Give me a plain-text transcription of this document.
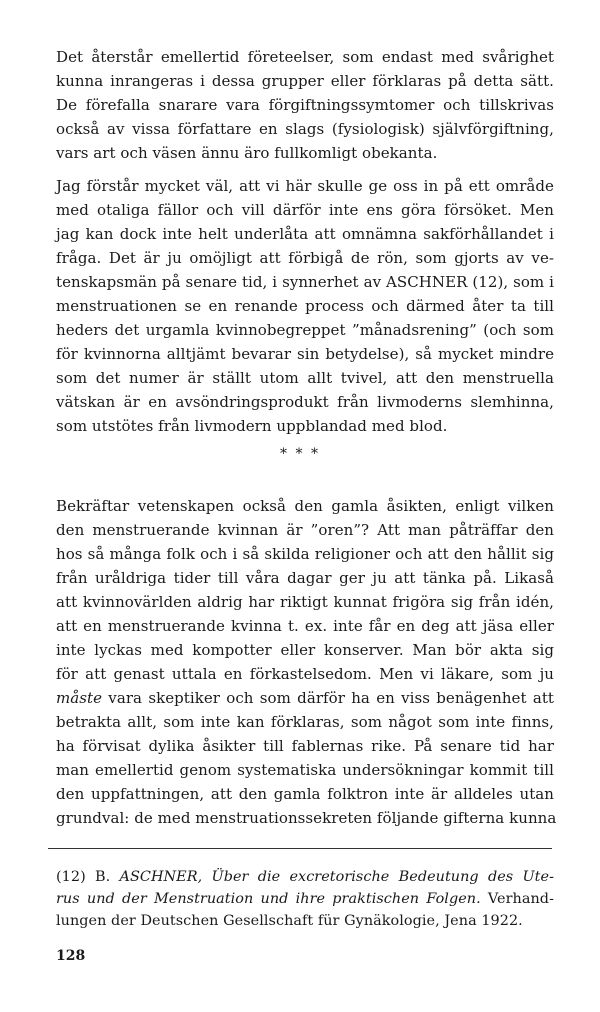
Det återstår emellertid företeelser, som endast med svårighet
kunna inrangeras i dessa grupper eller förklaras på detta sätt.
De förefalla snarare vara förgiftningssymtomer och tillskrivas
också av vissa författare en slags (fysiologisk) självförgiftning,
vars art och väsen ännu äro fullkomligt obekanta.
Jag förstår mycket väl, att vi här skulle ge oss in på ett område
med otaliga fällor och vill därför inte ens göra försöket. Men
jag kan dock inte helt underlåta att omnämna sakförhållandet i
fråga. Det är ju omöjligt att förbigå de rön, som gjorts av ve-
tenskapsmän på senare tid, i synnerhet av ASCHNER (12), som i
menstruationen se en renande process och därmed åter ta till
heders det urgamla kvinnobegreppet ”månadsrening” (och som
för kvinnorna alltjämt bevarar sin betydelse), så mycket mindre
som det numer är ställt utom allt tvivel, att den menstruella
vätskan är en avsöndringsprodukt från livmoderns slemhinna,
som utstötes från livmodern uppblandad med blod.
* * *
Bekräftar vetenskapen också den gamla åsikten, enligt vilken
den menstruerande kvinnan är ”oren”? Att man påträffar den
hos så många folk och i så skilda religioner och att den hållit sig
från uråldriga tider till våra dagar ger ju att tänka på. Likaså
att kvinnovärlden aldrig har riktigt kunnat frigöra sig från idén,
att en menstruerande kvinna t. ex. inte får en deg att jäsa eller
inte lyckas med kompotter eller konserver. Man bör akta sig
för att genast uttala en förkastelsedom. Men vi läkare, som ju
måste vara skeptiker och som därför ha en viss benägenhet att
betrakta allt, som inte kan förklaras, som något som inte finns,
ha förvisat dylika åsikter till fablernas rike. På senare tid har
man emellertid genom systematiska undersökningar kommit till
den uppfattningen, att den gamla folktron inte är alldeles utan
grundval: de med menstruationssekreten följande gifterna kunna
(12) B. ASCHNER, Über die excretorische Bedeutung des Ute-
rus und der Menstruation und ihre praktischen Folgen. Verhand-
lungen der Deutschen Gesellschaft für Gynäkologie, Jena 1922.
128
